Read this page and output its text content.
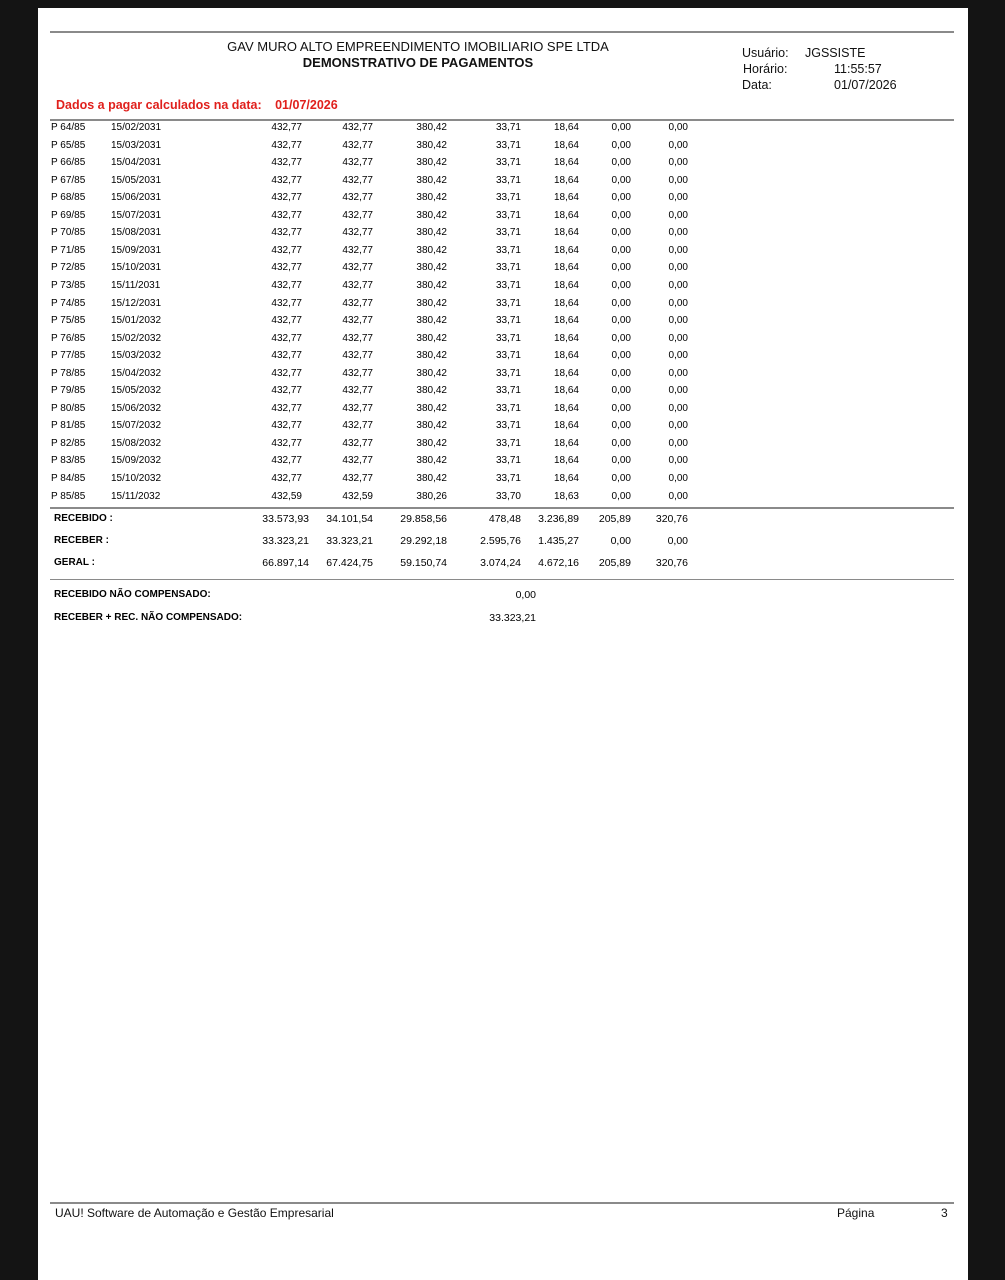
GAV MURO ALTO EMPREENDIMENTO IMOBILIARIO SPE LTDA
DEMONSTRATIVO DE PAGAMENTOS
Usuário: JGSSISTE
Horário:	11:55:57
Data:	01/07/2026
Dados a pagar calculados na data: 01/07/2026
P 64/85	15/02/2031	432,77	432,77	380,42	33,71	18,64	0,00	0,00
P 65/85	15/03/2031	432,77	432,77	380,42	33,71	18,64	0,00	0,00
P 66/85	15/04/2031	432,77	432,77	380,42	33,71	18,64	0,00	0,00
P 67/85	15/05/2031	432,77	432,77	380,42	33,71	18,64	0,00	0,00
P 68/85	15/06/2031	432,77	432,77	380,42	33,71	18,64	0,00	0,00
P 69/85	15/07/2031	432,77	432,77	380,42	33,71	18,64	0,00	0,00
P 70/85	15/08/2031	432,77	432,77	380,42	33,71	18,64	0,00	0,00
P 71/85	15/09/2031	432,77	432,77	380,42	33,71	18,64	0,00	0,00
P 72/85	15/10/2031	432,77	432,77	380,42	33,71	18,64	0,00	0,00
P 73/85	15/11/2031	432,77	432,77	380,42	33,71	18,64	0,00	0,00
P 74/85	15/12/2031	432,77	432,77	380,42	33,71	18,64	0,00	0,00
P 75/85	15/01/2032	432,77	432,77	380,42	33,71	18,64	0,00	0,00
P 76/85	15/02/2032	432,77	432,77	380,42	33,71	18,64	0,00	0,00
P 77/85	15/03/2032	432,77	432,77	380,42	33,71	18,64	0,00	0,00
P 78/85	15/04/2032	432,77	432,77	380,42	33,71	18,64	0,00	0,00
P 79/85	15/05/2032	432,77	432,77	380,42	33,71	18,64	0,00	0,00
P 80/85	15/06/2032	432,77	432,77	380,42	33,71	18,64	0,00	0,00
P 81/85	15/07/2032	432,77	432,77	380,42	33,71	18,64	0,00	0,00
P 82/85	15/08/2032	432,77	432,77	380,42	33,71	18,64	0,00	0,00
P 83/85	15/09/2032	432,77	432,77	380,42	33,71	18,64	0,00	0,00
P 84/85	15/10/2032	432,77	432,77	380,42	33,71	18,64	0,00	0,00
P 85/85	15/11/2032	432,59	432,59	380,26	33,70	18,63	0,00	0,00
RECEBIDO :	33.573,93 34.101,54	29.858,56	478,48 3.236,89 205,89 320,76
RECEBER :	33.323,21 33.323,21	29.292,18	2.595,76 1.435,27	0,00	0,00
GERAL :	66.897,14 67.424,75	59.150,74	3.074,24 4.672,16 205,89 320,76
RECEBIDO NÃO COMPENSADO:	0,00
RECEBER + REC. NÃO COMPENSADO:	33.323,21
UAU! Software de Automação e Gestão Empresarial	Página	3
